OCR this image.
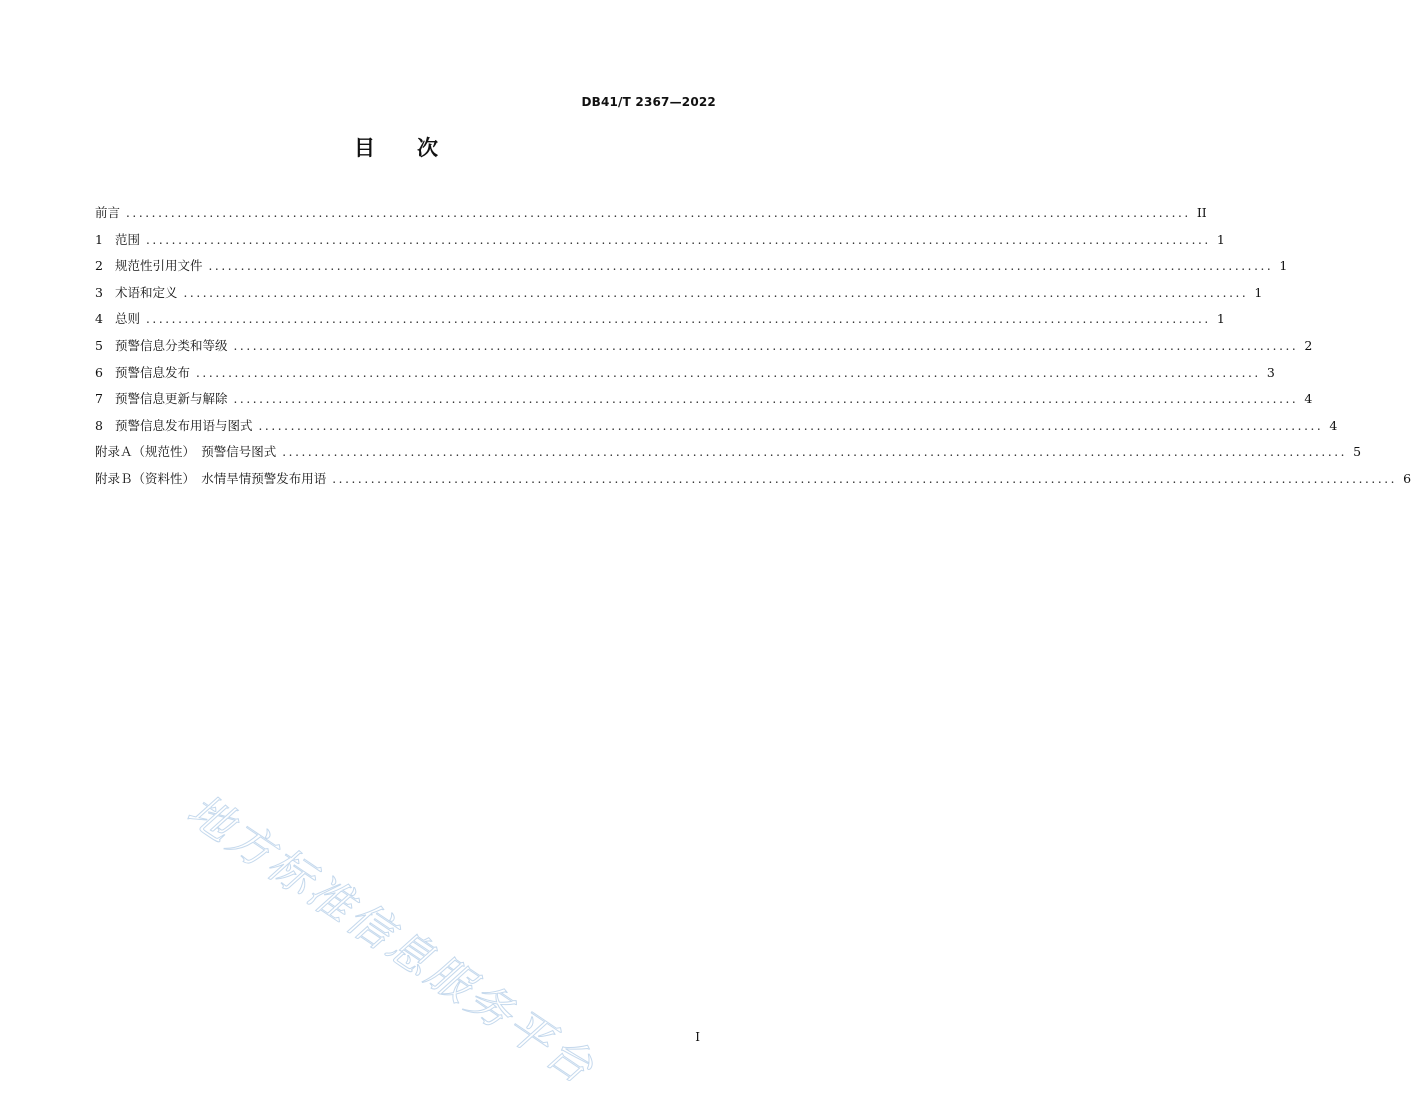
DB41/T 2367—2022
目　　次
前言 ...................................................................................................................................................................... II
1 范围 ...................................................................................................................................................................... 1
2 规范性引用文件 ...................................................................................................................................................................... 1
3 术语和定义 ...................................................................................................................................................................... 1
4 总则 ...................................................................................................................................................................... 1
5 预警信息分类和等级 ...................................................................................................................................................................... 2
6 预警信息发布 ...................................................................................................................................................................... 3
7 预警信息更新与解除 ...................................................................................................................................................................... 4
8 预警信息发布用语与图式 ...................................................................................................................................................................... 4
附录Ａ（规范性）　预警信号图式 ...................................................................................................................................................................... 5
附录Ｂ（资料性）　水情旱情预警发布用语 ...................................................................................................................................................................... 6
地方标准信息服务平台	I
